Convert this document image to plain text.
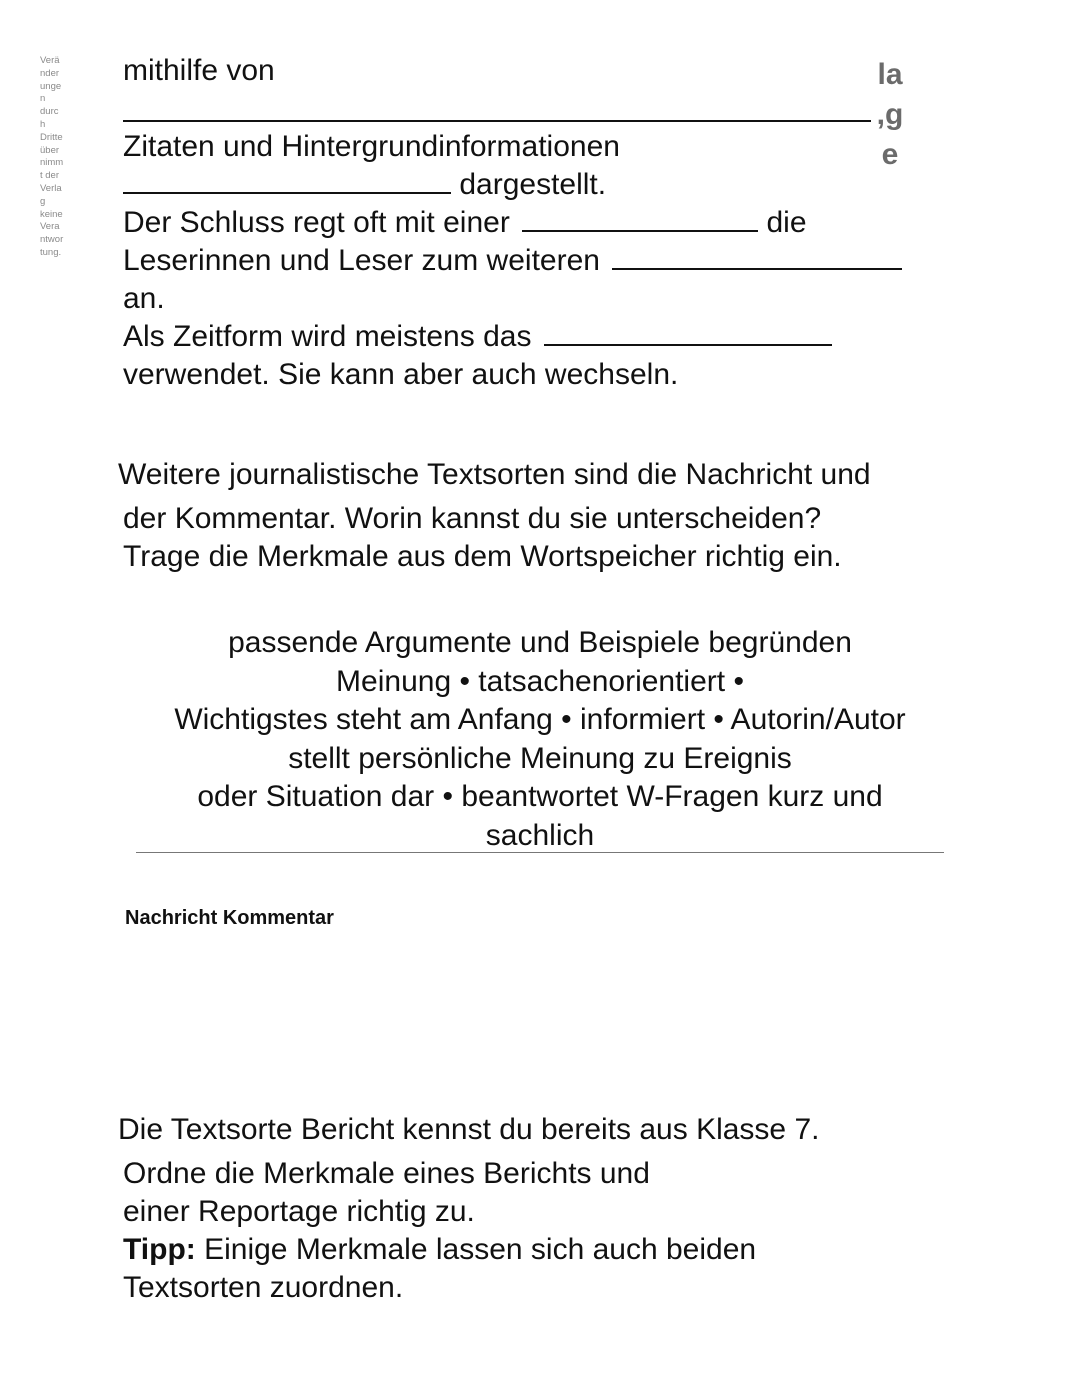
Verä
nder
unge
n
durc
h
Dritte
über
nimm
t der
Verla
g
keine
Vera
ntwor
tung.
la
,g
e
mithilfe von
Zitaten und Hintergrundinformationen
dargestellt.
Der Schluss regt oft mit einer	die
Leserinnen und Leser zum weiteren
an.
Als Zeitform wird meistens das
verwendet. Sie kann aber auch wechseln.
Weitere journalistische Textsorten sind die Nachricht und
der Kommentar. Worin kannst du sie unterscheiden?
Trage die Merkmale aus dem Wortspeicher richtig ein.
passende Argumente und Beispiele begründen
Meinung • tatsachenorientiert •
Wichtigstes steht am Anfang • informiert • Autorin/Autor
stellt persönliche Meinung zu Ereignis
oder Situation dar • beantwortet W-Fragen kurz und
sachlich
Nachricht Kommentar
Die Textsorte Bericht kennst du bereits aus Klasse 7.
Ordne die Merkmale eines Berichts und
einer Reportage richtig zu.
Tipp: Einige Merkmale lassen sich auch beiden
Textsorten zuordnen.
